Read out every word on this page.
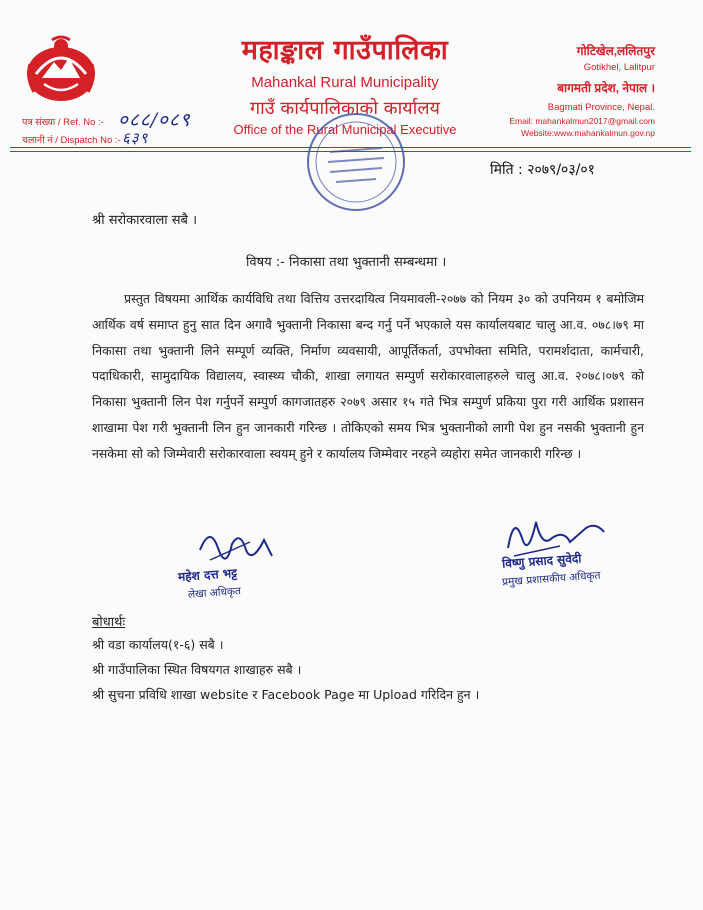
महाङ्काल गाउँपालिका
Mahankal Rural Municipality
गाउँ कार्यपालिकाको कार्यालय
Office of the Rural Municipal Executive
गोटिखेल,ललितपुर
Gotikhel, Lalitpur
बागमती प्रदेश, नेपाल ।
Bagmati Province, Nepal.
Email: mahankalmun2017@gmail.com
Website:www.mahankalmun.gov.np
पत्र संख्या / Ref. No :-
चलानी नं / Dispatch No :-
०८८/०८९
६३९
मिति : २०७९/०३/०१
श्री सरोकारवाला सबै ।
विषय :- निकासा तथा भुक्तानी सम्बन्धमा ।
प्रस्तुत विषयमा आर्थिक कार्यविधि तथा वित्तिय उत्तरदायित्व नियमावली-२०७७ को नियम ३० को उपनियम १ बमोजिम आर्थिक वर्ष समाप्त हुनु सात दिन अगावै भुक्तानी निकासा बन्द गर्नु पर्ने भएकाले यस कार्यालयबाट चालु आ.व. ०७८।७९ मा निकासा तथा भुक्तानी लिने सम्पूर्ण व्यक्ति, निर्माण व्यवसायी, आपूर्तिकर्ता, उपभोक्ता समिति, परामर्शदाता, कार्मचारी, पदाधिकारी, सामुदायिक विद्यालय, स्वास्थ्य चौकी, शाखा लगायत सम्पुर्ण सरोकारवालाहरुले चालु आ.व. २०७८।०७९ को निकासा भुक्तानी लिन पेश गर्नुपर्ने सम्पुर्ण कागजातहरु २०७९ असार १५ गते भित्र सम्पुर्ण प्रकिया पुरा गरी आर्थिक प्रशासन शाखामा पेश गरी भुक्तानी लिन हुन जानकारी गरिन्छ । तोकिएको समय भित्र भुक्तानीको लागी पेश हुन नसकी भुक्तानी हुन नसकेमा सो को जिम्मेवारी सरोकारवाला स्वयम् हुने र कार्यालय जिम्मेवार नरहने व्यहोरा समेत जानकारी गरिन्छ ।
महेश दत्त भट्ट
लेखा अधिकृत
विष्णु प्रसाद सुवेदी
प्रमुख प्रशासकीय अधिकृत
बोधार्थः
श्री वडा कार्यालय(१-६) सबै ।
श्री गाउँपालिका स्थित विषयगत शाखाहरु सबै ।
श्री सुचना प्रविधि शाखा website र Facebook Page मा Upload गरिदिन हुन ।
